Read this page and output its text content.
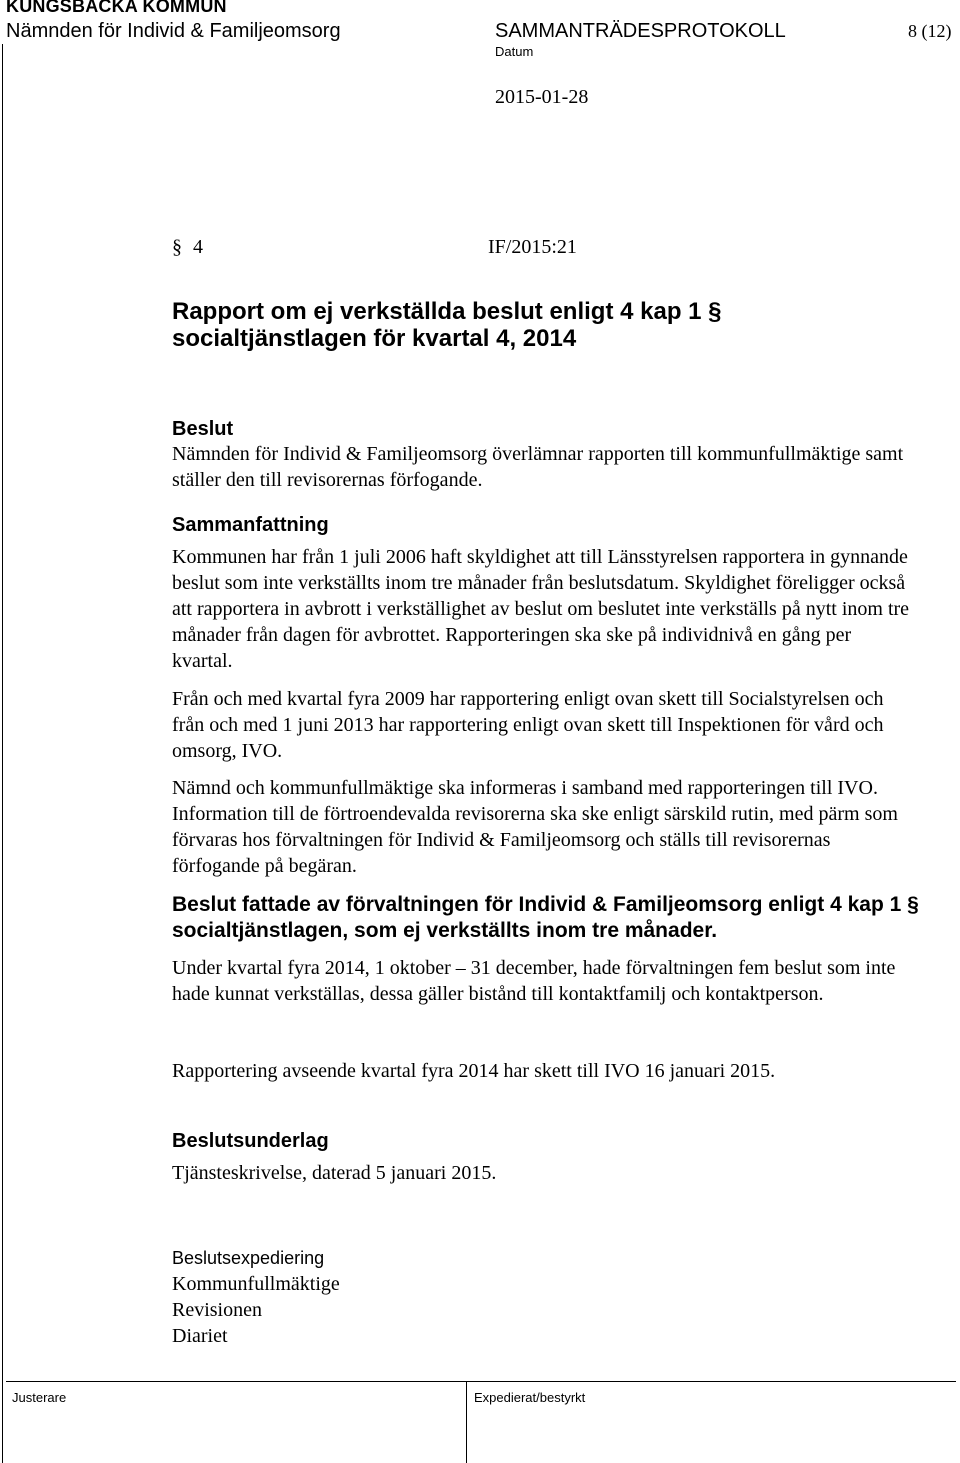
KUNGSBACKA KOMMUN
Nämnden för Individ & Familjeomsorg	SAMMANTRÄDESPROTOKOLL	8 (12)
Datum
2015-01-28
§ 4	IF/2015:21
Rapport om ej verkställda beslut enligt 4 kap 1 § socialtjänstlagen för kvartal 4, 2014
Beslut
Nämnden för Individ & Familjeomsorg överlämnar rapporten till kommunfullmäktige samt ställer den till revisorernas förfogande.
Sammanfattning
Kommunen har från 1 juli 2006 haft skyldighet att till Länsstyrelsen rapportera in gynnande beslut som inte verkställts inom tre månader från beslutsdatum. Skyldighet föreligger också att rapportera in avbrott i verkställighet av beslut om beslutet inte verkställs på nytt inom tre månader från dagen för avbrottet. Rapporteringen ska ske på individnivå en gång per kvartal.
Från och med kvartal fyra 2009 har rapportering enligt ovan skett till Socialstyrelsen och från och med 1 juni 2013 har rapportering enligt ovan skett till Inspektionen för vård och omsorg, IVO.
Nämnd och kommunfullmäktige ska informeras i samband med rapporteringen till IVO. Information till de förtroendevalda revisorerna ska ske enligt särskild rutin, med pärm som förvaras hos förvaltningen för Individ & Familjeomsorg och ställs till revisorernas förfogande på begäran.
Beslut fattade av förvaltningen för Individ & Familjeomsorg enligt 4 kap 1 § socialtjänstlagen, som ej verkställts inom tre månader.
Under kvartal fyra 2014, 1 oktober – 31 december, hade förvaltningen fem beslut som inte hade kunnat verkställas, dessa gäller bistånd till kontaktfamilj och kontaktperson.
Rapportering avseende kvartal fyra 2014 har skett till IVO 16 januari 2015.
Beslutsunderlag
Tjänsteskrivelse, daterad 5 januari 2015.
Beslutsexpediering
Kommunfullmäktige
Revisionen
Diariet
Justerare	Expedierat/bestyrkt
